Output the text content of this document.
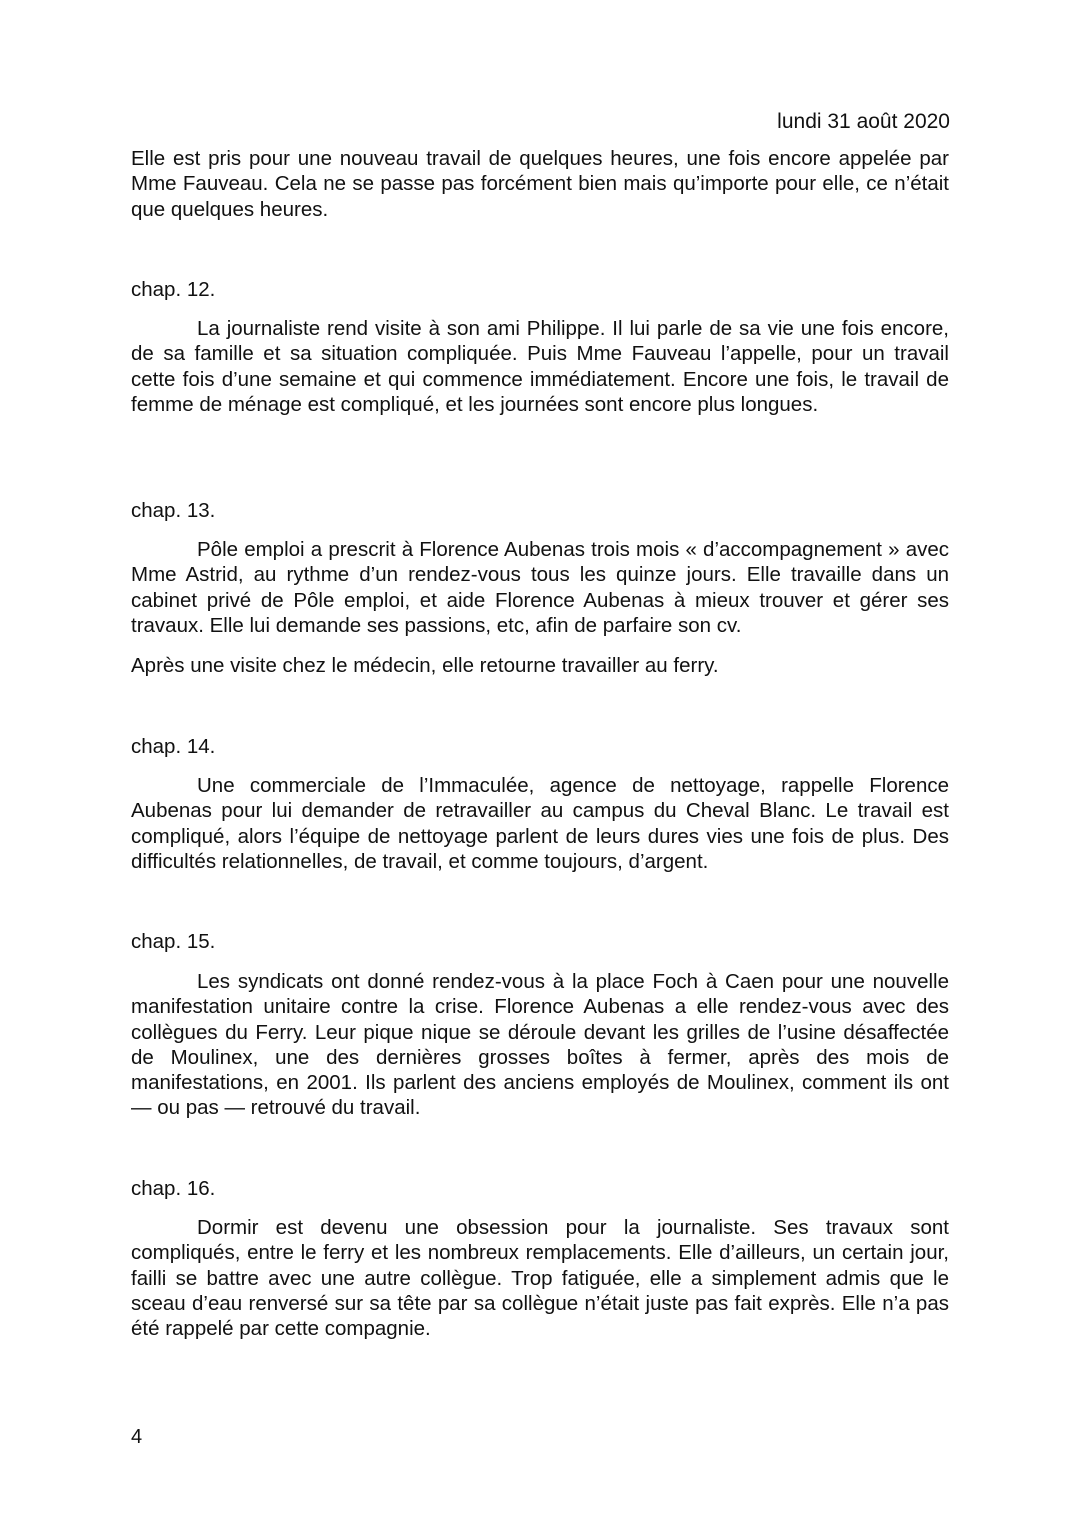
lundi 31 août 2020

Elle est pris pour une nouveau travail de quelques heures, une fois encore appelée par Mme Fauveau. Cela ne se passe pas forcément bien mais qu’importe pour elle, ce n’était que quelques heures.

chap. 12.

La journaliste rend visite à son ami Philippe. Il lui parle de sa vie une fois encore, de sa famille et sa situation compliquée. Puis Mme Fauveau l’appelle, pour un travail cette fois d’une semaine et qui commence immédiatement. Encore une fois, le travail de femme de ménage est compliqué, et les journées sont encore plus longues.

chap. 13.

Pôle emploi a prescrit à Florence Aubenas trois mois « d’accompagnement » avec Mme Astrid, au rythme d’un rendez-vous tous les quinze jours. Elle travaille dans un cabinet privé de Pôle emploi, et aide Florence Aubenas à mieux trouver et gérer ses travaux. Elle lui demande ses passions, etc, afin de parfaire son cv.

Après une visite chez le médecin, elle retourne travailler au ferry.

chap. 14.

Une commerciale de l’Immaculée, agence de nettoyage, rappelle Florence Aubenas pour lui demander de retravailler au campus du Cheval Blanc. Le travail est compliqué, alors l’équipe de nettoyage parlent de leurs dures vies une fois de plus. Des difficultés relationnelles, de travail, et comme toujours, d’argent.

chap. 15.

Les syndicats ont donné rendez-vous à la place Foch à Caen pour une nouvelle manifestation unitaire contre la crise. Florence Aubenas a elle rendez-vous avec des collègues du Ferry. Leur pique nique se déroule devant les grilles de l’usine désaffectée de Moulinex, une des dernières grosses boîtes à fermer, après des mois de manifestations, en 2001. Ils parlent des anciens employés de Moulinex, comment ils ont — ou pas — retrouvé du travail.

chap. 16.

Dormir est devenu une obsession pour la journaliste. Ses travaux sont compliqués, entre le ferry et les nombreux remplacements. Elle d’ailleurs, un certain jour, failli se battre avec une autre collègue. Trop fatiguée, elle a simplement admis que le sceau d’eau renversé sur sa tête par sa collègue n’était juste pas fait exprès. Elle n’a pas été rappelé par cette compagnie.

4
